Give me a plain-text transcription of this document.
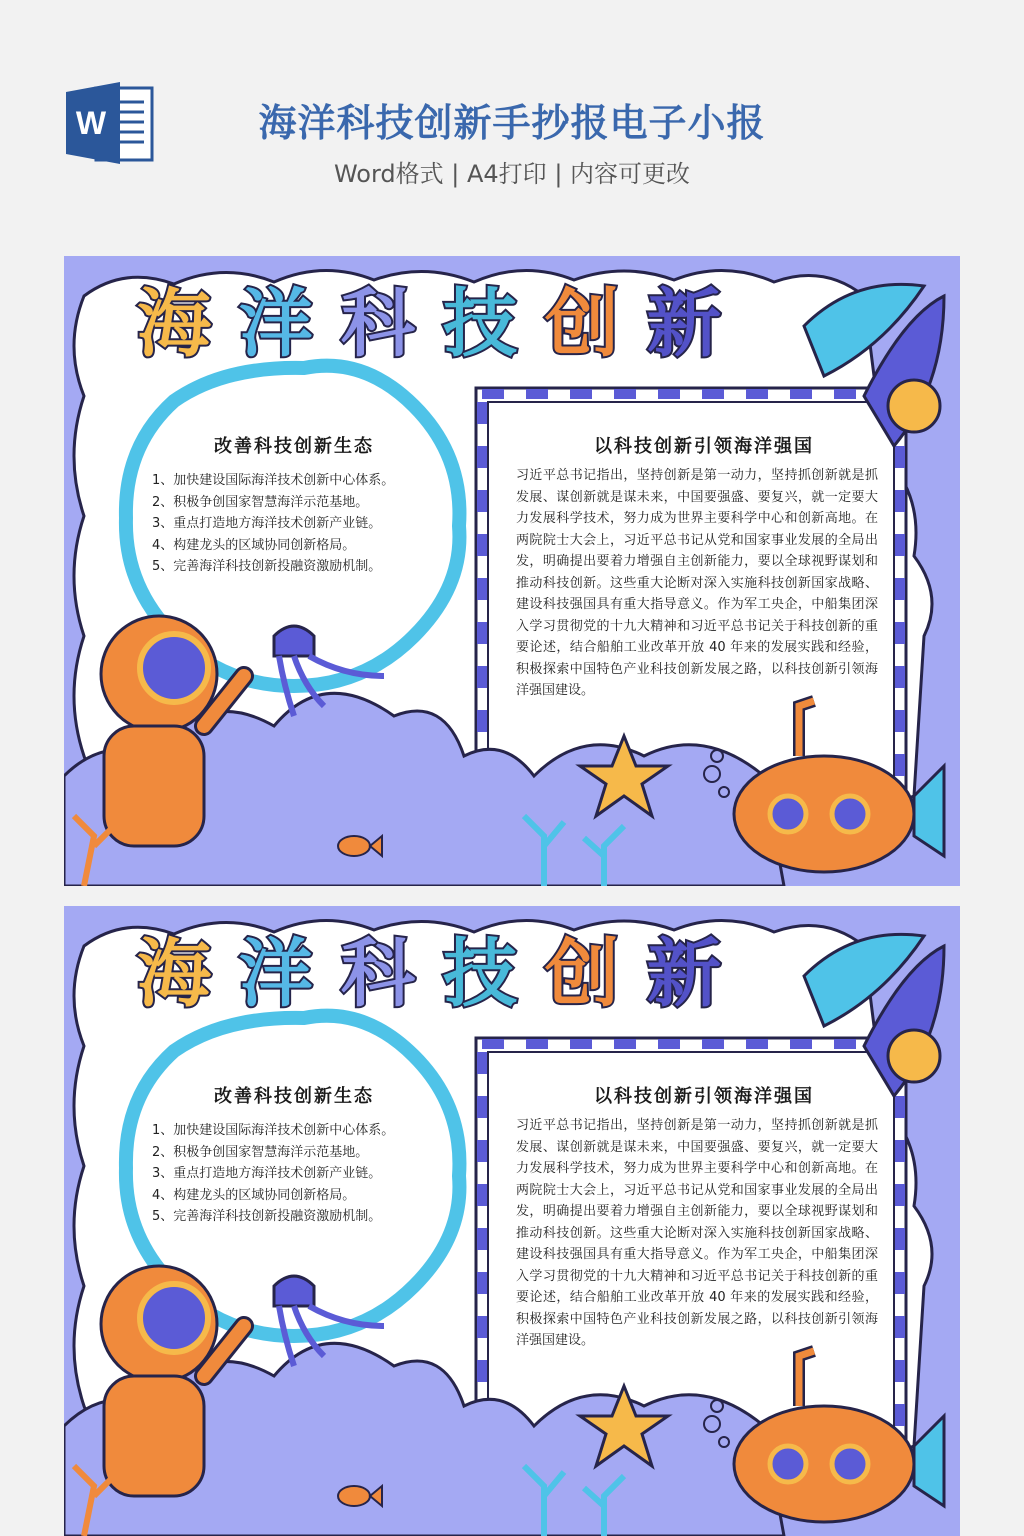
W	海洋科技创新手抄报电子小报
Word格式 | A4打印 | 内容可更改
海 洋 科 技 创 新
改善科技创新生态
1、加快建设国际海洋技术创新中心体系。
2、积极争创国家智慧海洋示范基地。
3、重点打造地方海洋技术创新产业链。
4、构建龙头的区域协同创新格局。
5、完善海洋科技创新投融资激励机制。
以科技创新引领海洋强国
习近平总书记指出，坚持创新是第一动力，坚持抓创新就是抓发展、谋创新就是谋未来，中国要强盛、要复兴，就一定要大力发展科学技术，努力成为世界主要科学中心和创新高地。在两院院士大会上，习近平总书记从党和国家事业发展的全局出发，明确提出要着力增强自主创新能力，要以全球视野谋划和推动科技创新。这些重大论断对深入实施科技创新国家战略、建设科技强国具有重大指导意义。作为军工央企，中船集团深入学习贯彻党的十九大精神和习近平总书记关于科技创新的重要论述，结合船舶工业改革开放 40 年来的发展实践和经验，积极探索中国特色产业科技创新发展之路，以科技创新引领海洋强国建设。
海 洋 科 技 创 新
改善科技创新生态
1、加快建设国际海洋技术创新中心体系。
2、积极争创国家智慧海洋示范基地。
3、重点打造地方海洋技术创新产业链。
4、构建龙头的区域协同创新格局。
5、完善海洋科技创新投融资激励机制。
以科技创新引领海洋强国
习近平总书记指出，坚持创新是第一动力，坚持抓创新就是抓发展、谋创新就是谋未来，中国要强盛、要复兴，就一定要大力发展科学技术，努力成为世界主要科学中心和创新高地。在两院院士大会上，习近平总书记从党和国家事业发展的全局出发，明确提出要着力增强自主创新能力，要以全球视野谋划和推动科技创新。这些重大论断对深入实施科技创新国家战略、建设科技强国具有重大指导意义。作为军工央企，中船集团深入学习贯彻党的十九大精神和习近平总书记关于科技创新的重要论述，结合船舶工业改革开放 40 年来的发展实践和经验，积极探索中国特色产业科技创新发展之路，以科技创新引领海洋强国建设。
